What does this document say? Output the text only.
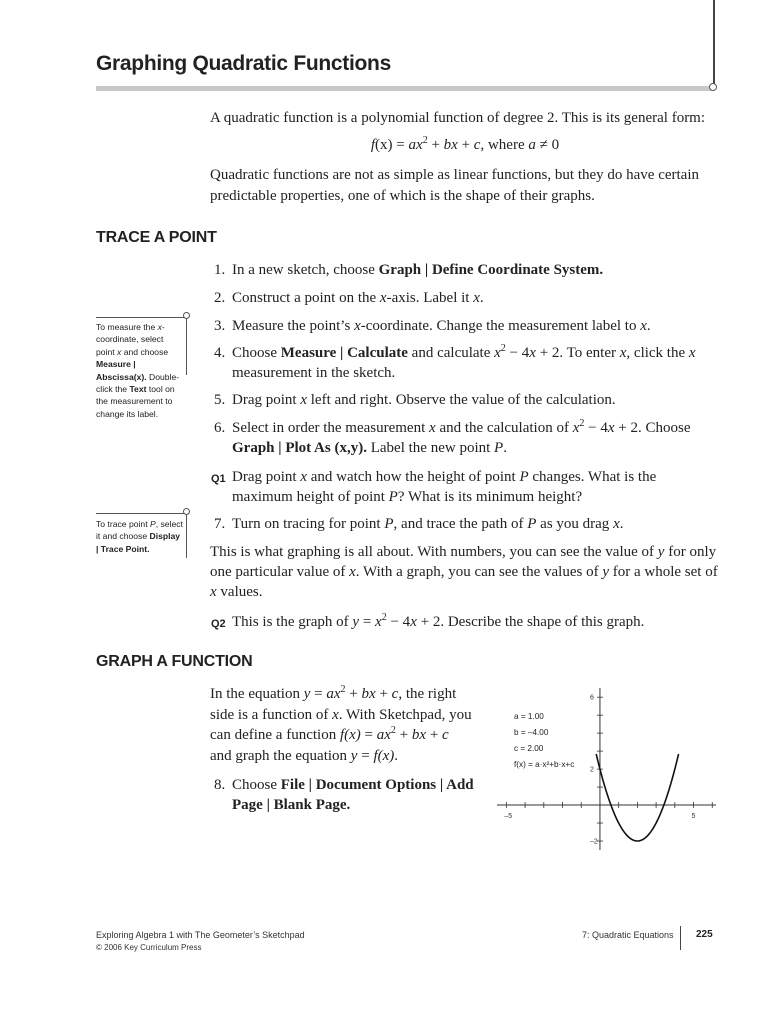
Graphing Quadratic Functions
A quadratic function is a polynomial function of degree 2. This is its general form:
$f(x) = ax^2$ + bx + c, where a ≠ 0
Quadratic functions are not as simple as linear functions, but they do have certain predictable properties, one of which is the shape of their graphs.
TRACE A POINT
1. In a new sketch, choose Graph | Define Coordinate System.
2. Construct a point on the x-axis. Label it x.
3. Measure the point’s x-coordinate. Change the measurement label to x.
4. Choose Measure | Calculate and calculate $x^2 - 4x + 2$. To enter x, click the x
measurement in the sketch.
5. Drag point x left and right. Observe the value of the calculation.
6. Select in order the measurement x and the calculation of $x^2 - 4x + 2$. Choose
Graph | Plot As (x,y). Label the new point P.
Q1 Drag point x and watch how the height of point P changes. What is the
maximum height of point P? What is its minimum height?
7. Turn on tracing for point P, and trace the path of P as you drag x.
This is what graphing is all about. With numbers, you can see the value of y for only one particular value of x. With a graph, you can see the values of y for a whole set of x values.
Q2 This is the graph of $y = x^2 - 4x + 2$. Describe the shape of this graph.
To measure the x-coordinate, select point x and choose Measure | Abscissa(x). Double-click the Text tool on the measurement to change its label.
To trace point P, select it and choose Display | Trace Point.
GRAPH A FUNCTION
In the equation $y = ax^2$ + bx + c, the right
side is a function of x. With Sketchpad, you
can define a function $f(x) = ax^2$ + bx + c
and graph the equation y = f(x).
8. Choose File | Document Options | Add
Page | Blank Page.
–5	5
6
2
–2
a = 1.00
b = –4.00
c = 2.00
f(x) = a·x²+b·x+c
Exploring Algebra 1 with The Geometer’s Sketchpad
© 2006 Key Curriculum Press
7: Quadratic Equations 225
